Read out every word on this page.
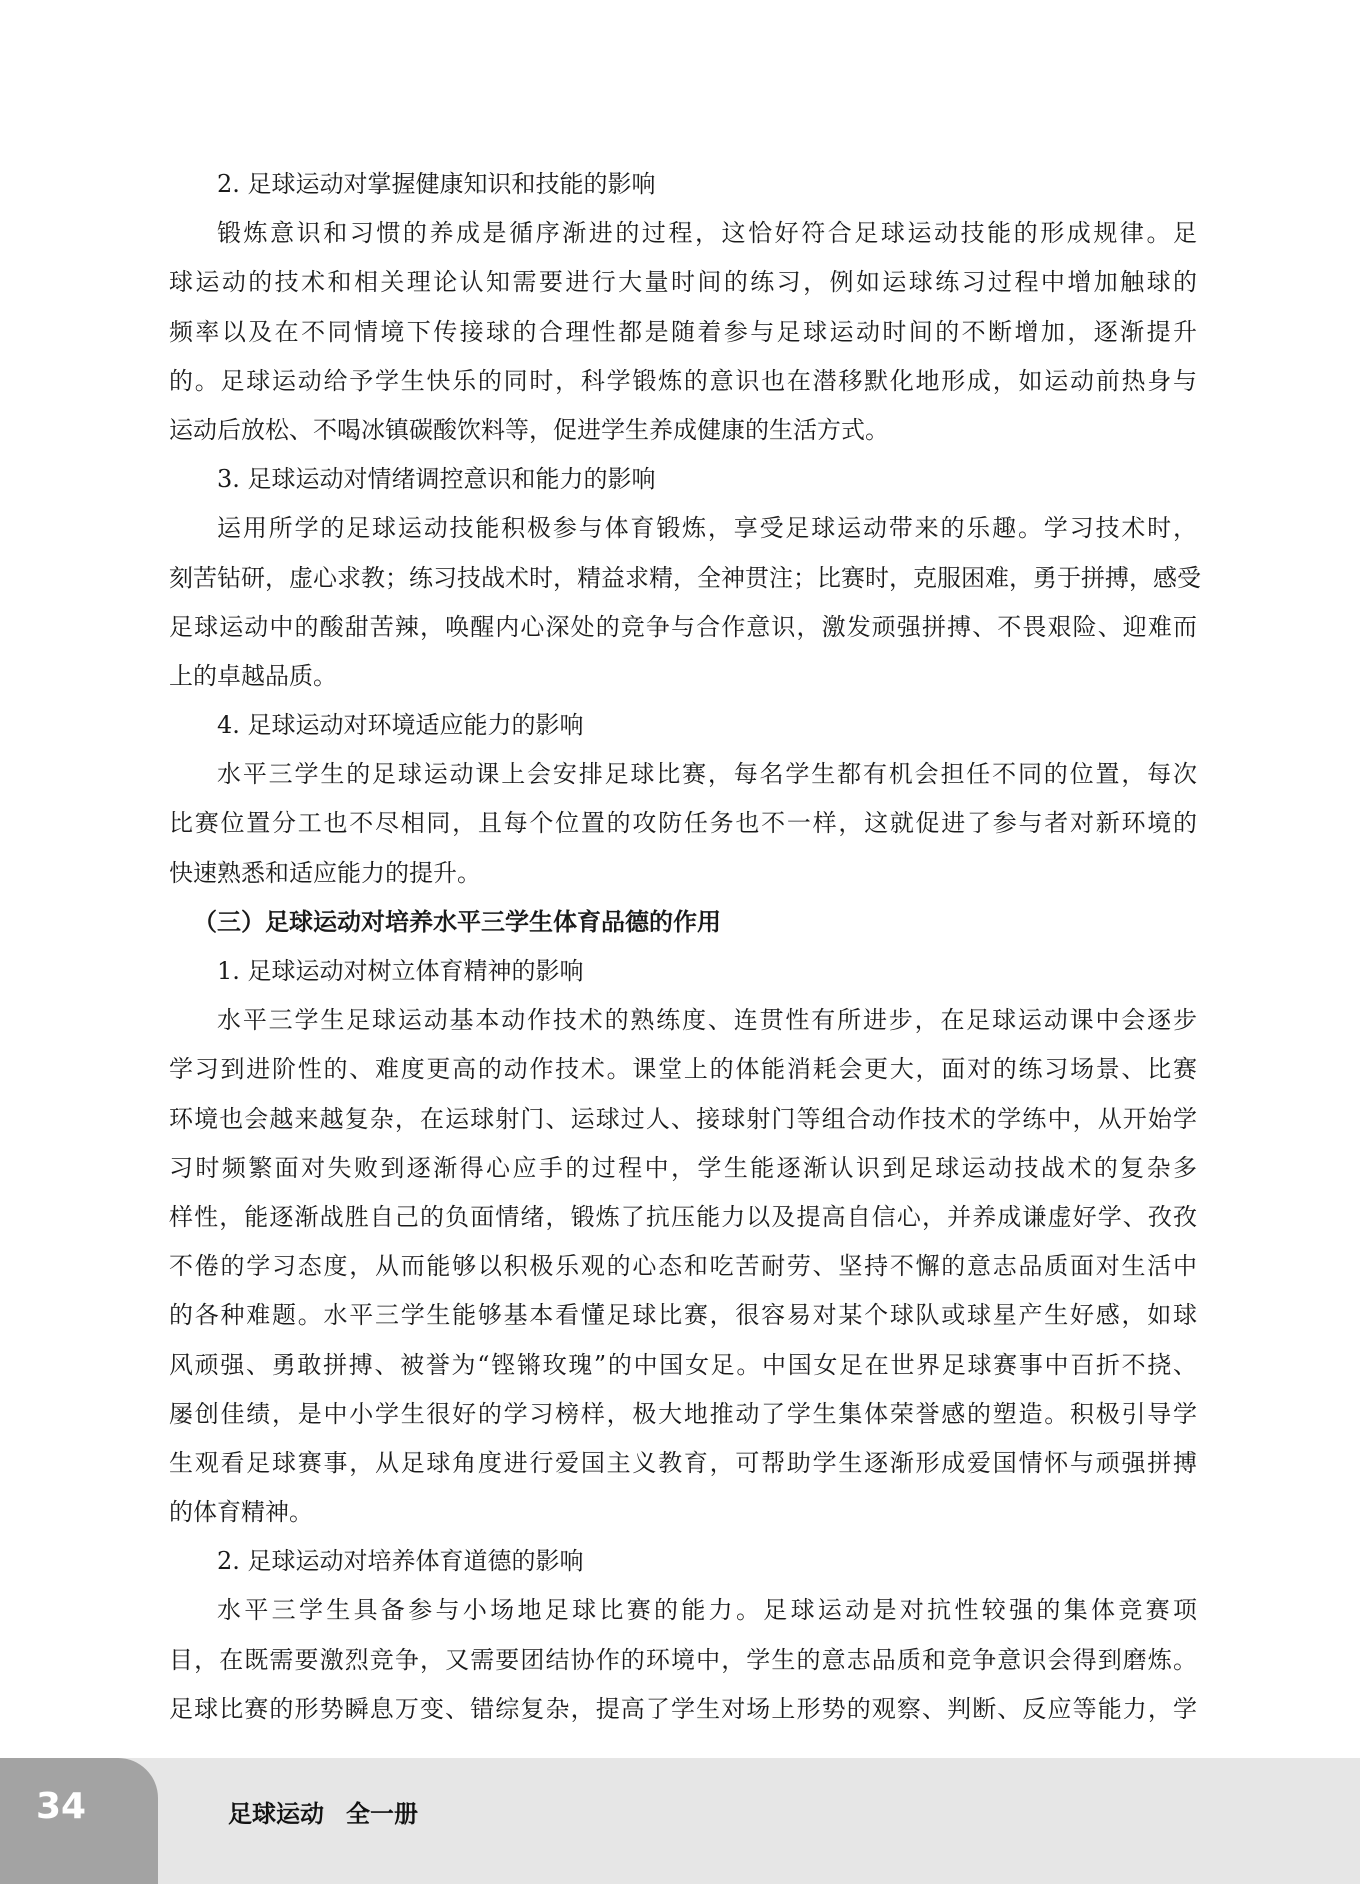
2. 足球运动对掌握健康知识和技能的影响
锻炼意识和习惯的养成是循序渐进的过程，这恰好符合足球运动技能的形成规律。足
球运动的技术和相关理论认知需要进行大量时间的练习，例如运球练习过程中增加触球的
频率以及在不同情境下传接球的合理性都是随着参与足球运动时间的不断增加，逐渐提升
的。足球运动给予学生快乐的同时，科学锻炼的意识也在潜移默化地形成，如运动前热身与
运动后放松、不喝冰镇碳酸饮料等，促进学生养成健康的生活方式。
3. 足球运动对情绪调控意识和能力的影响
运用所学的足球运动技能积极参与体育锻炼，享受足球运动带来的乐趣。学习技术时，
刻苦钻研，虚心求教；练习技战术时，精益求精，全神贯注；比赛时，克服困难，勇于拼搏，感受
足球运动中的酸甜苦辣，唤醒内心深处的竞争与合作意识，激发顽强拼搏、不畏艰险、迎难而
上的卓越品质。
4. 足球运动对环境适应能力的影响
水平三学生的足球运动课上会安排足球比赛，每名学生都有机会担任不同的位置，每次
比赛位置分工也不尽相同，且每个位置的攻防任务也不一样，这就促进了参与者对新环境的
快速熟悉和适应能力的提升。
（三）足球运动对培养水平三学生体育品德的作用
1. 足球运动对树立体育精神的影响
水平三学生足球运动基本动作技术的熟练度、连贯性有所进步，在足球运动课中会逐步
学习到进阶性的、难度更高的动作技术。课堂上的体能消耗会更大，面对的练习场景、比赛
环境也会越来越复杂，在运球射门、运球过人、接球射门等组合动作技术的学练中，从开始学
习时频繁面对失败到逐渐得心应手的过程中，学生能逐渐认识到足球运动技战术的复杂多
样性，能逐渐战胜自己的负面情绪，锻炼了抗压能力以及提高自信心，并养成谦虚好学、孜孜
不倦的学习态度，从而能够以积极乐观的心态和吃苦耐劳、坚持不懈的意志品质面对生活中
的各种难题。水平三学生能够基本看懂足球比赛，很容易对某个球队或球星产生好感，如球
风顽强、勇敢拼搏、被誉为“铿锵玫瑰”的中国女足。中国女足在世界足球赛事中百折不挠、
屡创佳绩，是中小学生很好的学习榜样，极大地推动了学生集体荣誉感的塑造。积极引导学
生观看足球赛事，从足球角度进行爱国主义教育，可帮助学生逐渐形成爱国情怀与顽强拼搏
的体育精神。
2. 足球运动对培养体育道德的影响
水平三学生具备参与小场地足球比赛的能力。足球运动是对抗性较强的集体竞赛项
目，在既需要激烈竞争，又需要团结协作的环境中，学生的意志品质和竞争意识会得到磨炼。
足球比赛的形势瞬息万变、错综复杂，提高了学生对场上形势的观察、判断、反应等能力，学
34	足球运动 全一册
